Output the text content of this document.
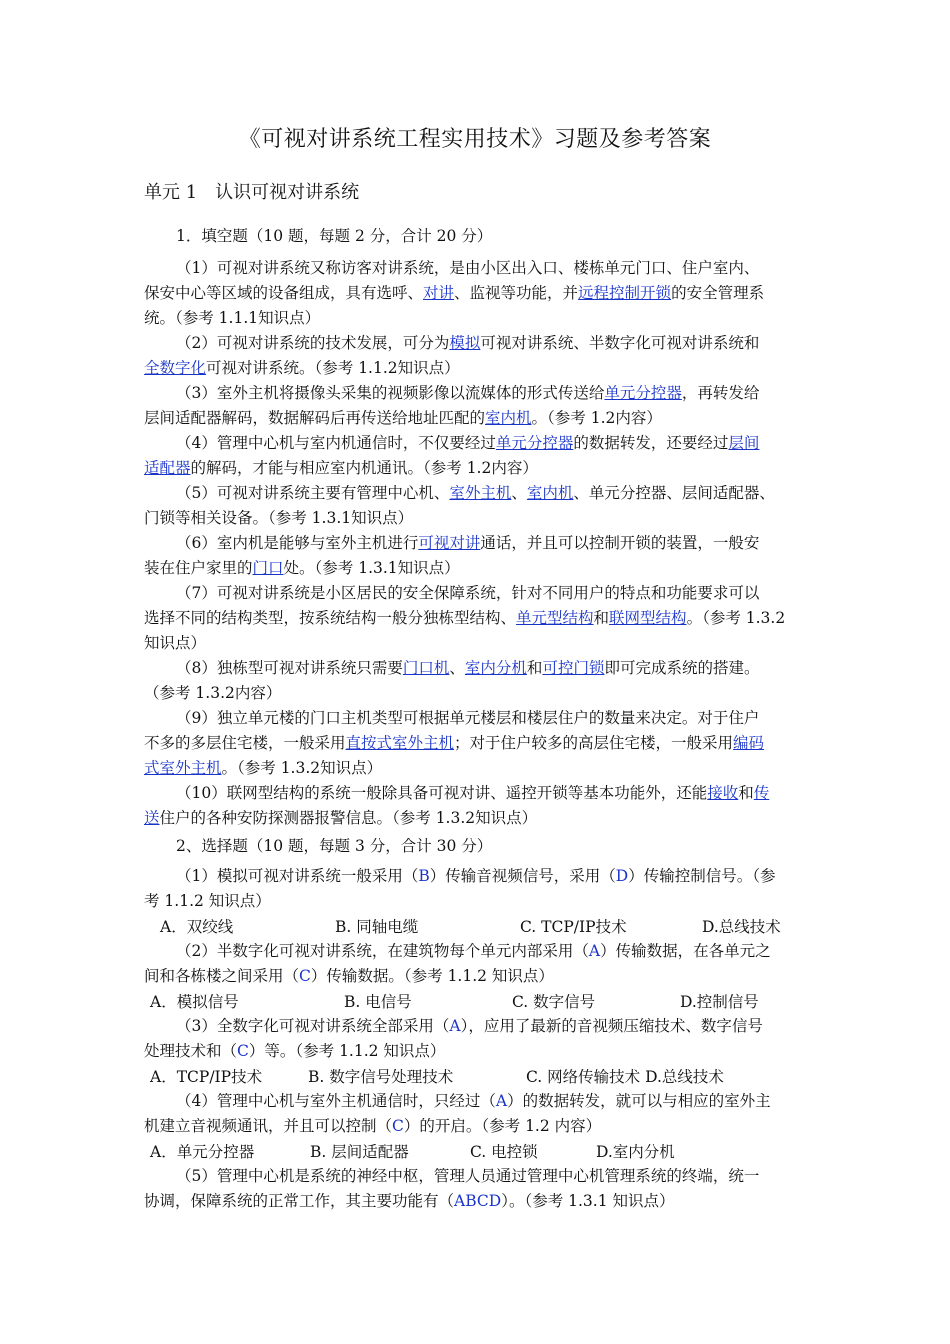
《可视对讲系统工程实用技术》习题及参考答案
单元 1　认识可视对讲系统
1．填空题（10 题，每题 2 分，合计 20 分）
（1）可视对讲系统又称访客对讲系统，是由小区出入口、楼栋单元门口、住户室内、
保安中心等区域的设备组成，具有选呼、对讲、监视等功能，并远程控制开锁的安全管理系
统。（参考 1.1.1知识点）
（2）可视对讲系统的技术发展，可分为模拟可视对讲系统、半数字化可视对讲系统和
全数字化可视对讲系统。（参考 1.1.2知识点）
（3）室外主机将摄像头采集的视频影像以流媒体的形式传送给单元分控器，再转发给
层间适配器解码，数据解码后再传送给地址匹配的室内机。（参考 1.2内容）
（4）管理中心机与室内机通信时，不仅要经过单元分控器的数据转发，还要经过层间
适配器的解码，才能与相应室内机通讯。（参考 1.2内容）
（5）可视对讲系统主要有管理中心机、室外主机、室内机、单元分控器、层间适配器、
门锁等相关设备。（参考 1.3.1知识点）
（6）室内机是能够与室外主机进行可视对讲通话，并且可以控制开锁的装置，一般安
装在住户家里的门口处。（参考 1.3.1知识点）
（7）可视对讲系统是小区居民的安全保障系统，针对不同用户的特点和功能要求可以
选择不同的结构类型，按系统结构一般分独栋型结构、单元型结构和联网型结构。（参考 1.3.2
知识点）
（8）独栋型可视对讲系统只需要门口机、室内分机和可控门锁即可完成系统的搭建。
（参考 1.3.2内容）
（9）独立单元楼的门口主机类型可根据单元楼层和楼层住户的数量来决定。对于住户
不多的多层住宅楼，一般采用直按式室外主机；对于住户较多的高层住宅楼，一般采用编码
式室外主机。（参考 1.3.2知识点）
（10）联网型结构的系统一般除具备可视对讲、遥控开锁等基本功能外，还能接收和传
送住户的各种安防探测器报警信息。（参考 1.3.2知识点）
2、选择题（10 题，每题 3 分，合计 30 分）
（1）模拟可视对讲系统一般采用（B）传输音视频信号，采用（D）传输控制信号。（参
考 1.1.2 知识点）
A．双绞线	B. 同轴电缆	C. TCP/IP技术	D.总线技术
（2）半数字化可视对讲系统，在建筑物每个单元内部采用（A）传输数据，在各单元之
间和各栋楼之间采用（C）传输数据。（参考 1.1.2 知识点）
A．模拟信号	B. 电信号	C. 数字信号	D.控制信号
（3）全数字化可视对讲系统全部采用（A），应用了最新的音视频压缩技术、数字信号
处理技术和（C）等。（参考 1.1.2 知识点）
A．TCP/IP技术	B. 数字信号处理技术	C. 网络传输技术 D.总线技术
（4）管理中心机与室外主机通信时，只经过（A）的数据转发，就可以与相应的室外主
机建立音视频通讯，并且可以控制（C）的开启。（参考 1.2 内容）
A．单元分控器	B. 层间适配器	C. 电控锁	D.室内分机
（5）管理中心机是系统的神经中枢，管理人员通过管理中心机管理系统的终端，统一
协调，保障系统的正常工作，其主要功能有（ABCD）。（参考 1.3.1 知识点）
